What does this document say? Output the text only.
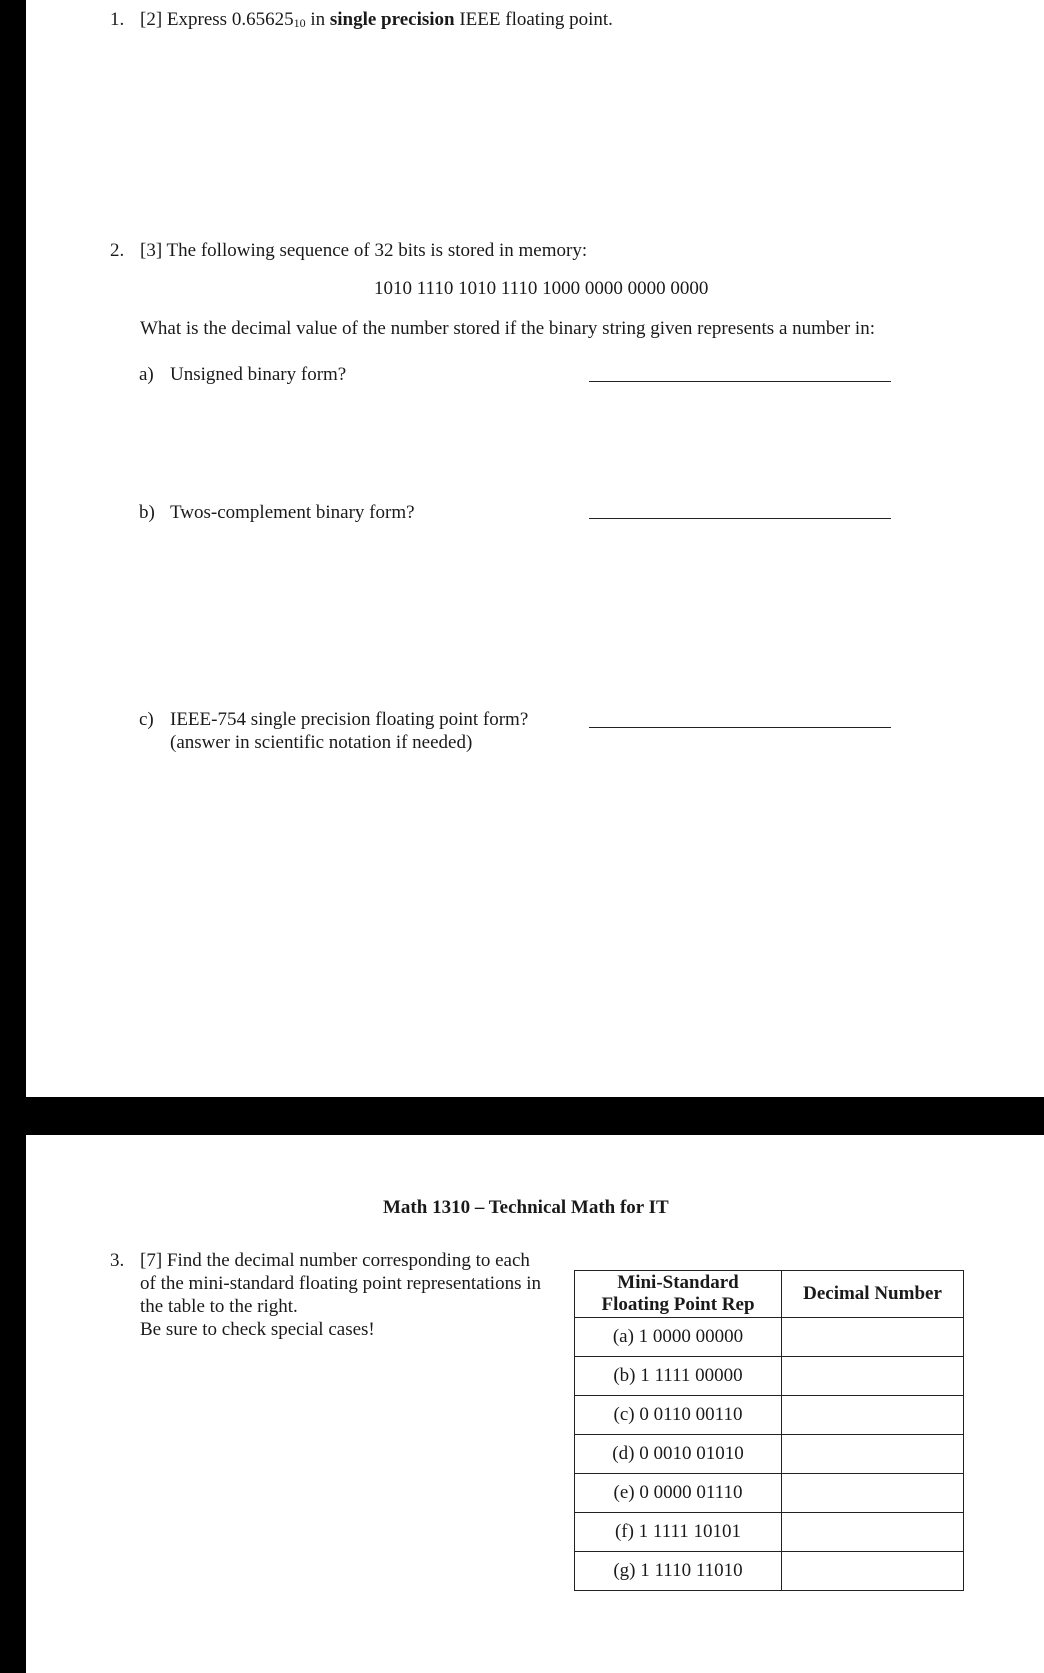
1. [2] Express $0.65625_{10}$ in single precision IEEE floating point.
2. [3] The following sequence of 32 bits is stored in memory:
1010 1110 1010 1110 1000 0000 0000 0000
What is the decimal value of the number stored if the binary string given represents a number in:
a) Unsigned binary form?
b) Twos-complement binary form?
c) IEEE-754 single precision floating point form?
(answer in scientific notation if needed)
Math 1310 – Technical Math for IT
3. [7] Find the decimal number corresponding to each
of the mini-standard floating point representations in
the table to the right.
Be sure to check special cases!
Mini-Standard
Floating Point Rep	Decimal Number
(a) 1 0000 00000	
(b) 1 1111 00000	
(c) 0 0110 00110	
(d) 0 0010 01010	
(e) 0 0000 01110	
(f) 1 1111 10101	
(g) 1 1110 11010	
